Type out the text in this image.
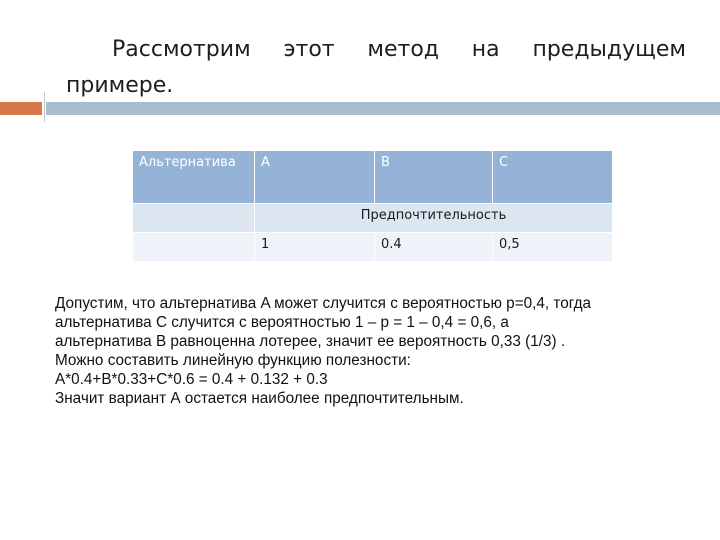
Рассмотрим этот метод на предыдущем примере.
Альтернатива	A	B	C
	Предпочтительность		
	1	0.4	0,5
Допустим, что альтернатива A может случится с вероятностью p=0,4, тогда
альтернатива C случится с вероятностью 1 – p = 1 – 0,4 = 0,6, а
альтернатива B равноценна лотерее, значит ее вероятность 0,33 (1/3) .
Можно составить линейную функцию полезности:
A*0.4+B*0.33+C*0.6 = 0.4 + 0.132 + 0.3
Значит вариант А остается наиболее предпочтительным.
